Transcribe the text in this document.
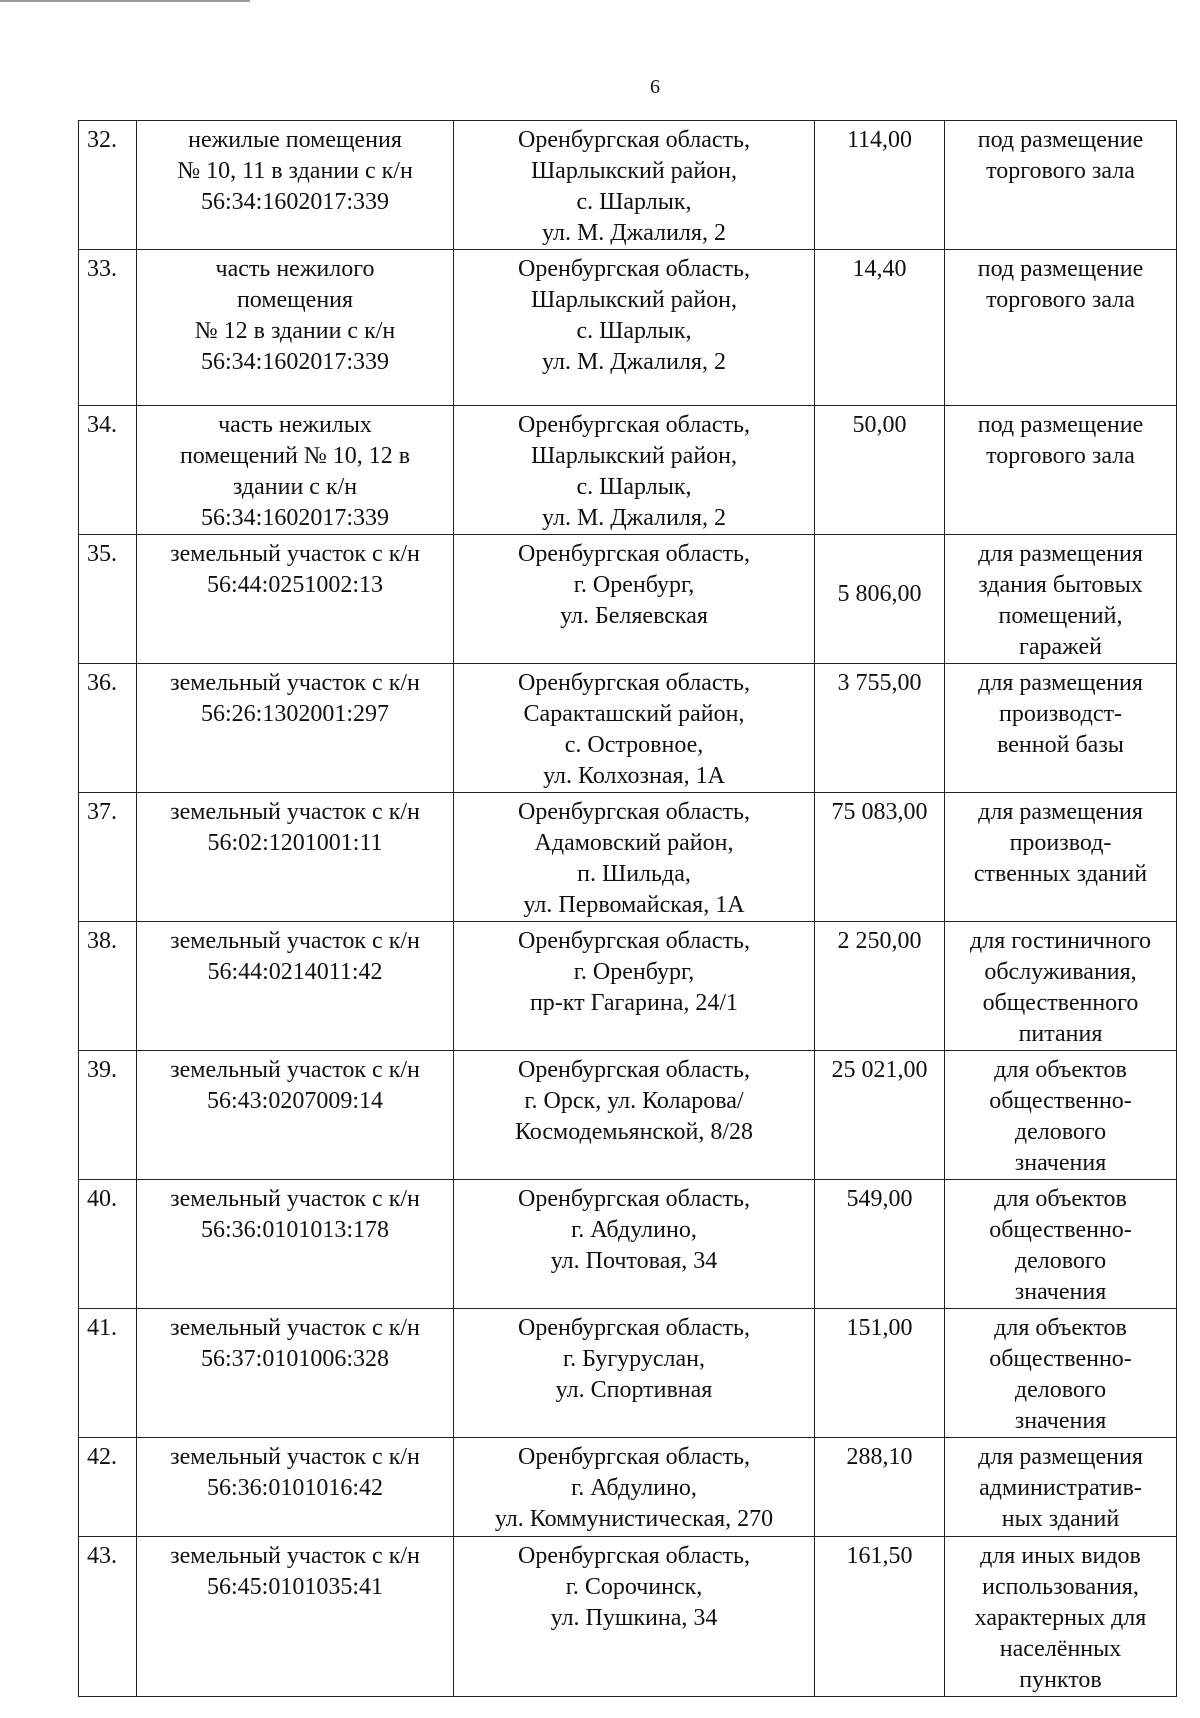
6
32.	нежилые помещения
№ 10, 11 в здании с к/н
56:34:1602017:339	Оренбургская область,
Шарлыкский район,
с. Шарлык,
ул. М. Джалиля, 2	114,00	под размещение
торгового зала

33.	часть нежилого
помещения
№ 12 в здании с к/н
56:34:1602017:339	Оренбургская область,
Шарлыкский район,
с. Шарлык,
ул. М. Джалиля, 2	14,40	под размещение
торгового зала

34.	часть нежилых
помещений № 10, 12 в
здании с к/н
56:34:1602017:339	Оренбургская область,
Шарлыкский район,
с. Шарлык,
ул. М. Джалиля, 2	50,00	под размещение
торгового зала

35.	земельный участок с к/н
56:44:0251002:13	Оренбургская область,
г. Оренбург,
ул. Беляевская	5 806,00	для размещения
здания бытовых
помещений,
гаражей

36.	земельный участок с к/н
56:26:1302001:297	Оренбургская область,
Саракташский район,
с. Островное,
ул. Колхозная, 1А	3 755,00	для размещения
производст-
венной базы

37.	земельный участок с к/н
56:02:1201001:11	Оренбургская область,
Адамовский район,
п. Шильда,
ул. Первомайская, 1А	75 083,00	для размещения
производ-
ственных зданий

38.	земельный участок с к/н
56:44:0214011:42	Оренбургская область,
г. Оренбург,
пр-кт Гагарина, 24/1	2 250,00	для гостиничного
обслуживания,
общественного
питания

39.	земельный участок с к/н
56:43:0207009:14	Оренбургская область,
г. Орск, ул. Коларова/
Космодемьянской, 8/28	25 021,00	для объектов
общественно-
делового
значения

40.	земельный участок с к/н
56:36:0101013:178	Оренбургская область,
г. Абдулино,
ул. Почтовая, 34	549,00	для объектов
общественно-
делового
значения

41.	земельный участок с к/н
56:37:0101006:328	Оренбургская область,
г. Бугуруслан,
ул. Спортивная	151,00	для объектов
общественно-
делового
значения

42.	земельный участок с к/н
56:36:0101016:42	Оренбургская область,
г. Абдулино,
ул. Коммунистическая, 270	288,10	для размещения
административ-
ных зданий

43.	земельный участок с к/н
56:45:0101035:41	Оренбургская область,
г. Сорочинск,
ул. Пушкина, 34	161,50	для иных видов
использования,
характерных для
населённых
пунктов
